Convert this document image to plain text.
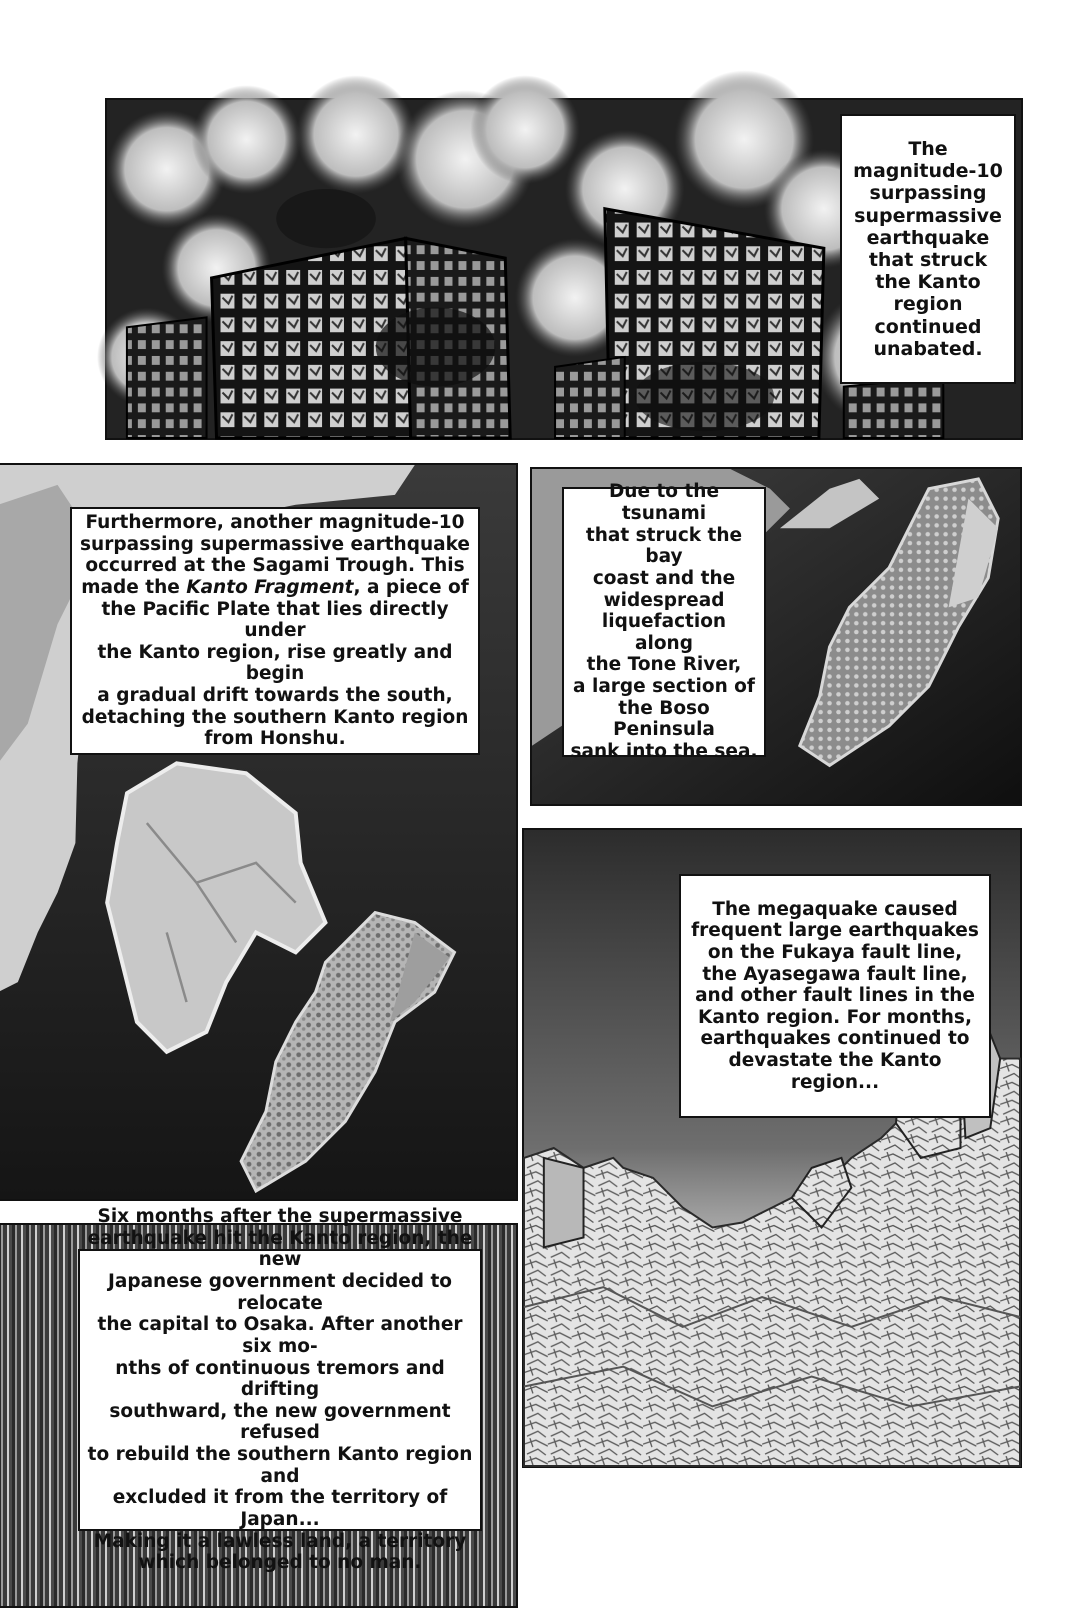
The
magnitude-10
surpassing
supermassive
earthquake
that struck
the Kanto
region
continued
unabated.
Furthermore, another magnitude-10
surpassing supermassive earthquake
occurred at the Sagami Trough. This
made the Kanto Fragment, a piece of
the Pacific Plate that lies directly under
the Kanto region, rise greatly and begin
a gradual drift towards the south,
detaching the southern Kanto region
from Honshu.
Due to the tsunami
that struck the bay
coast and the
widespread
liquefaction along
the Tone River,
a large section of
the Boso Peninsula
sank into the sea.
The megaquake caused
frequent large earthquakes
on the Fukaya fault line,
the Ayasegawa fault line,
and other fault lines in the
Kanto region. For months,
earthquakes continued to
devastate the Kanto region...
Six months after the supermassive
earthquake hit the Kanto region, the new
Japanese government decided to relocate
the capital to Osaka. After another six mo-
nths of continuous tremors and drifting
southward, the new government refused
to rebuild the southern Kanto region and
excluded it from the territory of Japan...
Making it a lawless land, a territory
which belonged to no man.
